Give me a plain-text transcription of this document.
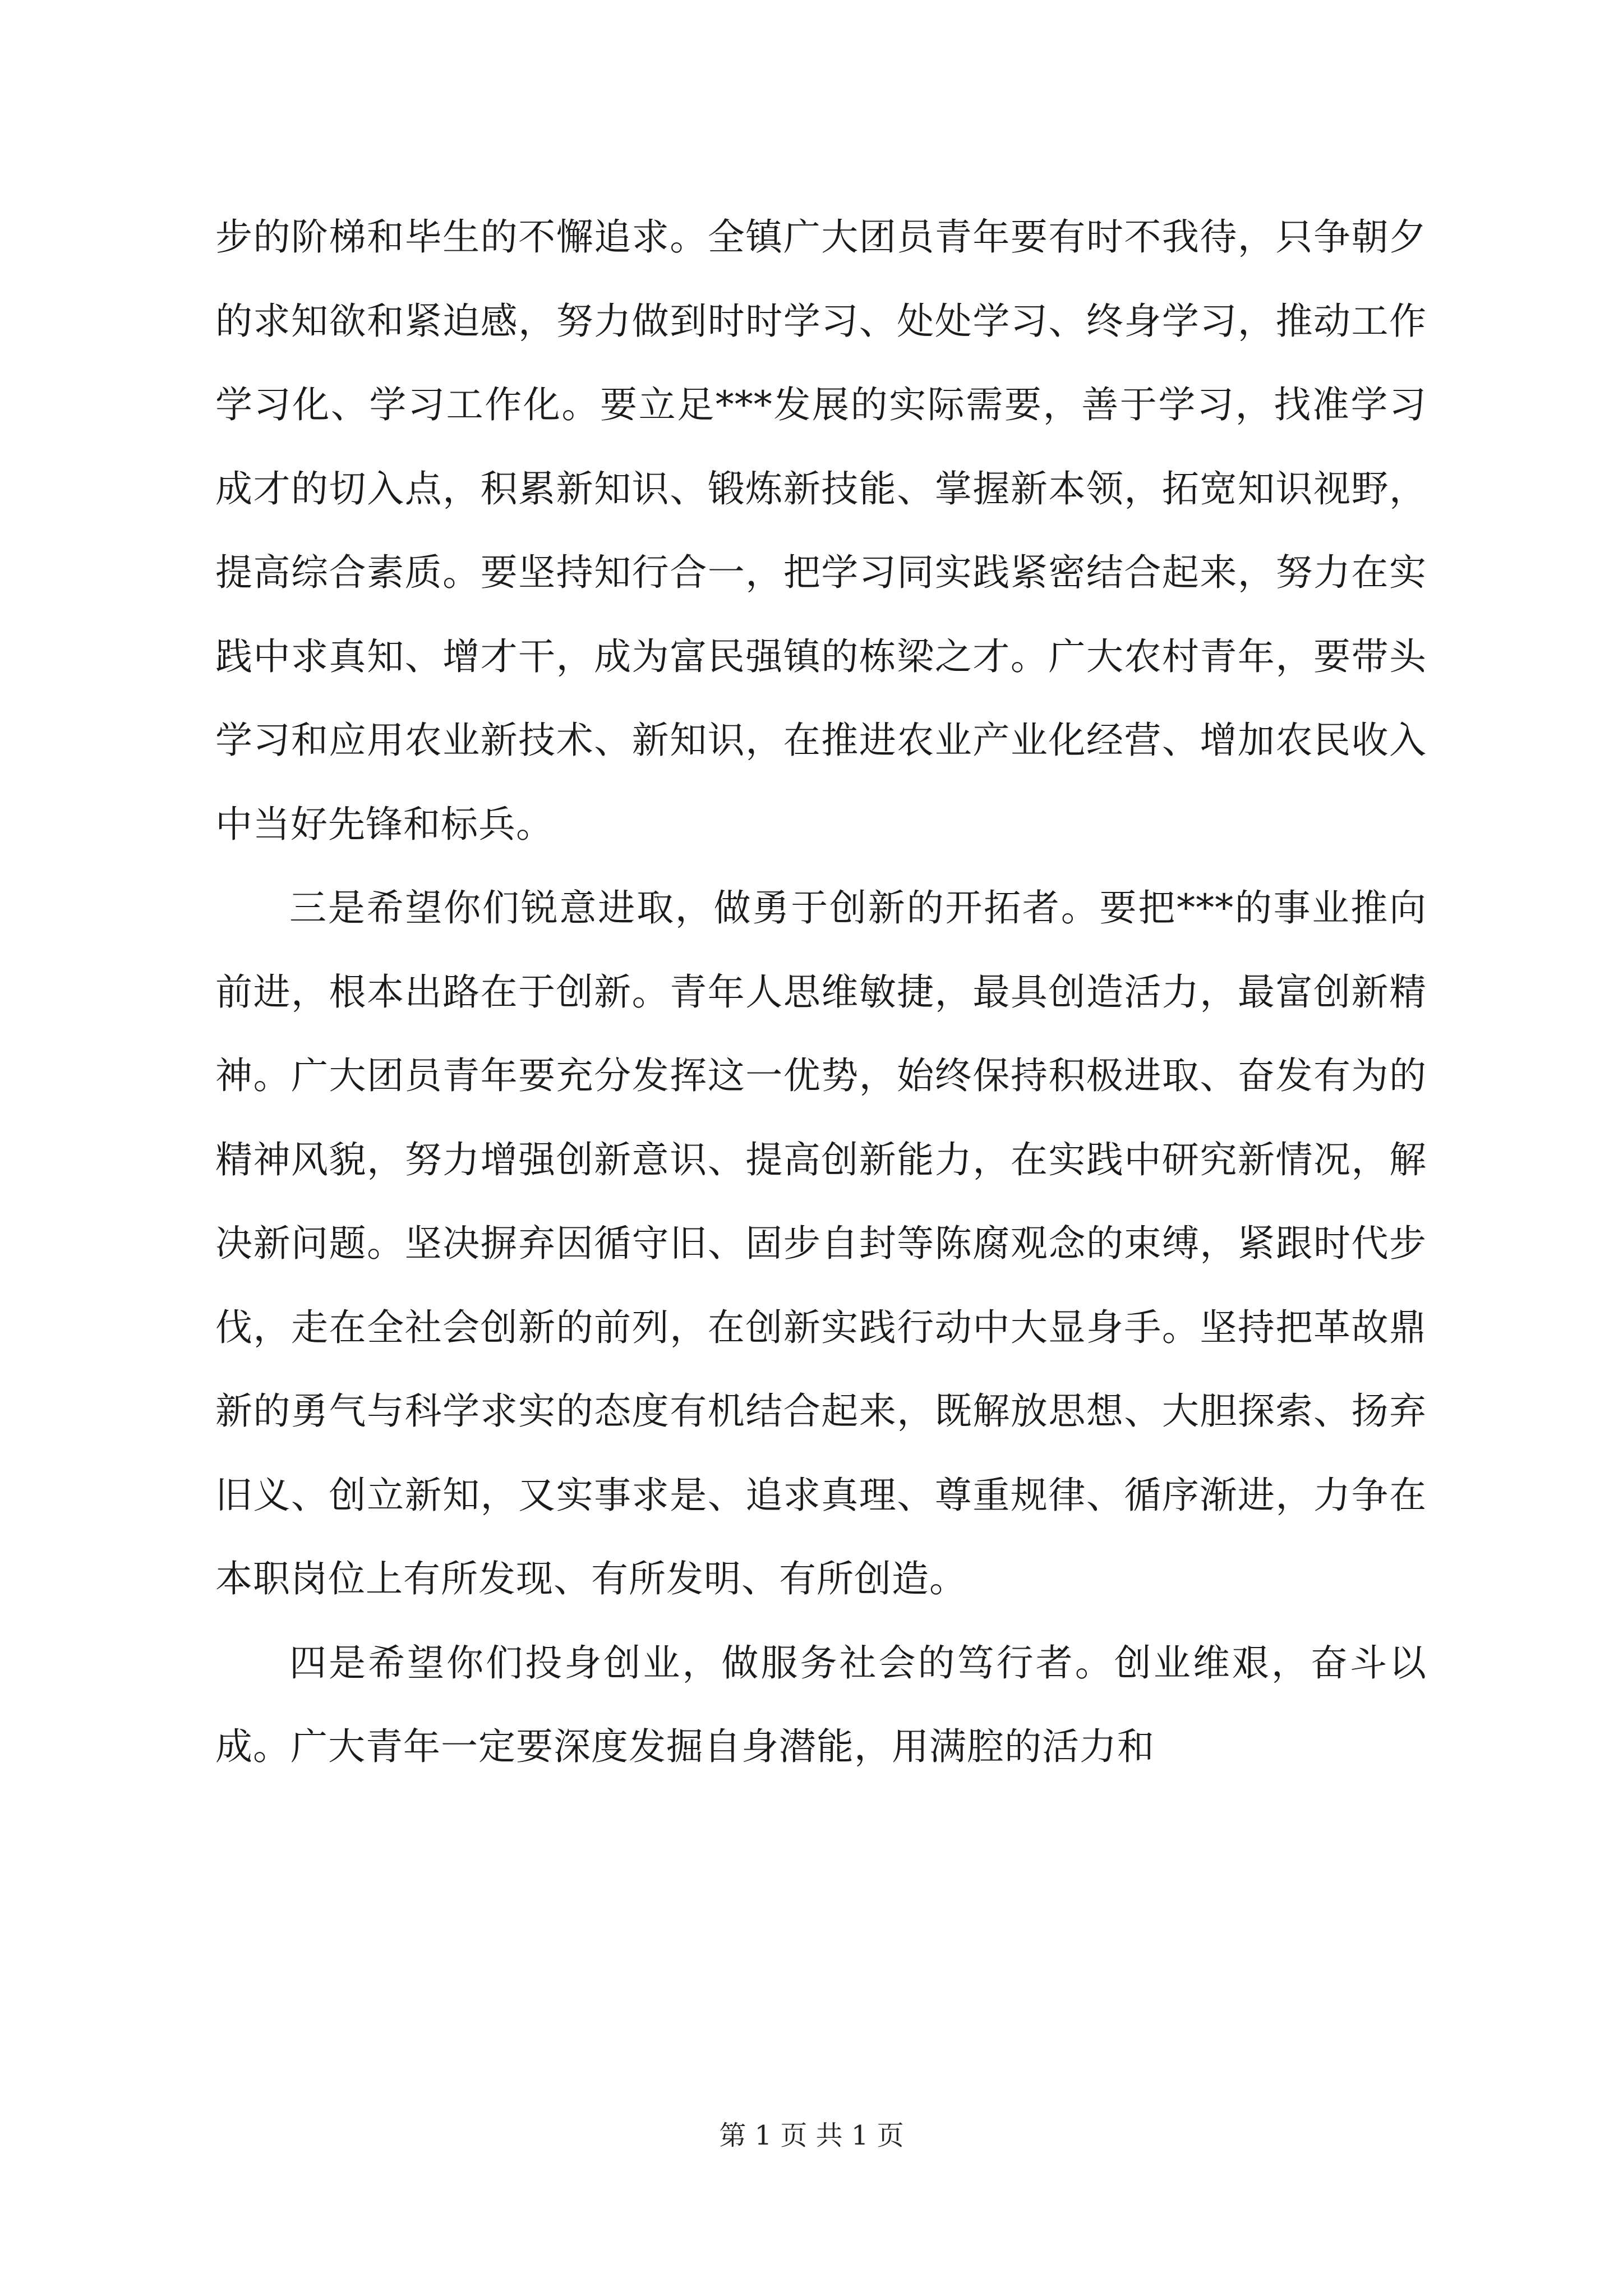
步的阶梯和毕生的不懈追求。全镇广大团员青年要有时不我待，只争朝夕的求知欲和紧迫感，努力做到时时学习、处处学习、终身学习，推动工作学习化、学习工作化。要立足***发展的实际需要，善于学习，找准学习成才的切入点，积累新知识、锻炼新技能、掌握新本领，拓宽知识视野，提高综合素质。要坚持知行合一，把学习同实践紧密结合起来，努力在实践中求真知、增才干，成为富民强镇的栋梁之才。广大农村青年，要带头学习和应用农业新技术、新知识，在推进农业产业化经营、增加农民收入中当好先锋和标兵。

三是希望你们锐意进取，做勇于创新的开拓者。要把***的事业推向前进，根本出路在于创新。青年人思维敏捷，最具创造活力，最富创新精神。广大团员青年要充分发挥这一优势，始终保持积极进取、奋发有为的精神风貌，努力增强创新意识、提高创新能力，在实践中研究新情况，解决新问题。坚决摒弃因循守旧、固步自封等陈腐观念的束缚，紧跟时代步伐，走在全社会创新的前列，在创新实践行动中大显身手。坚持把革故鼎新的勇气与科学求实的态度有机结合起来，既解放思想、大胆探索、扬弃旧义、创立新知，又实事求是、追求真理、尊重规律、循序渐进，力争在本职岗位上有所发现、有所发明、有所创造。

四是希望你们投身创业，做服务社会的笃行者。创业维艰，奋斗以成。广大青年一定要深度发掘自身潜能，用满腔的活力和

第 1 页 共 1 页
